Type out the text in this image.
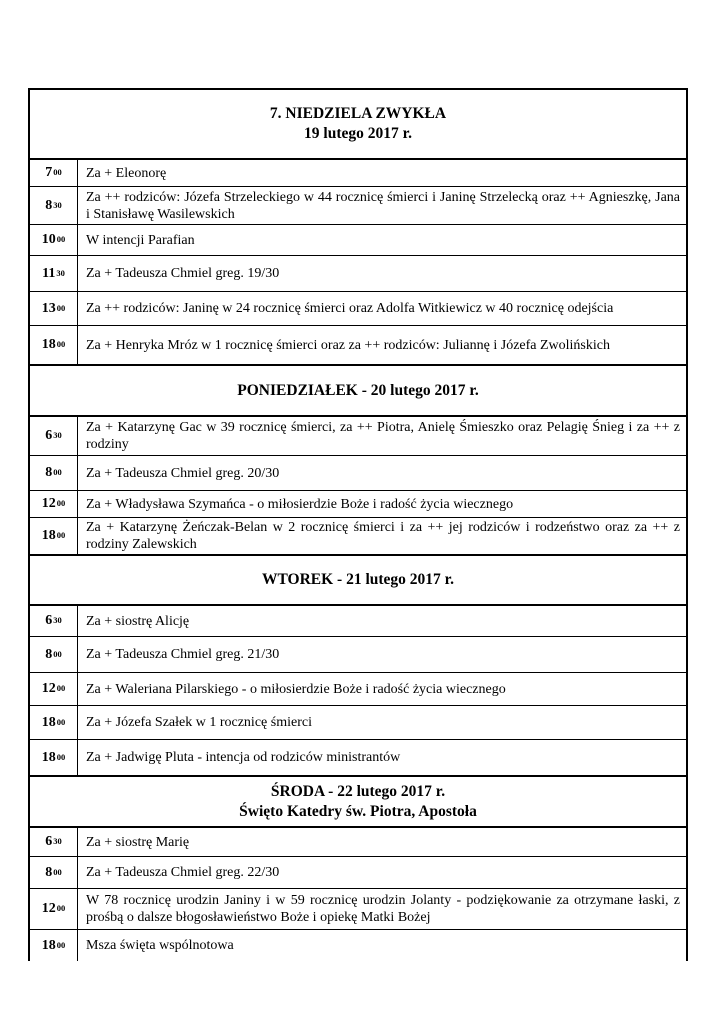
7. NIEDZIELA ZWYKŁA
19 lutego 2017 r.
$7^{00}$ Za + Eleonorę
$8^{30}$ Za ++ rodziców: Józefa Strzeleckiego w 44 rocznicę śmierci i Janinę Strzelecką oraz ++ Agnieszkę, Jana i Stanisławę Wasilewskich
$10^{00}$ W intencji Parafian
$11^{30}$ Za + Tadeusza Chmiel greg. 19/30
$13^{00}$ Za ++ rodziców: Janinę w 24 rocznicę śmierci oraz Adolfa Witkiewicz w 40 rocznicę odejścia
$18^{00}$ Za + Henryka Mróz w 1 rocznicę śmierci oraz za ++ rodziców: Juliannę i Józefa Zwolińskich
PONIEDZIAŁEK - 20 lutego 2017 r.
$6^{30}$ Za + Katarzynę Gac w 39 rocznicę śmierci, za ++ Piotra, Anielę Śmieszko oraz Pelagię Śnieg i za ++ z rodziny
$8^{00}$ Za + Tadeusza Chmiel greg. 20/30
$12^{00}$ Za + Władysława Szymańca - o miłosierdzie Boże i radość życia wiecznego
$18^{00}$ Za + Katarzynę Żeńczak-Belan w 2 rocznicę śmierci i za ++ jej rodziców i rodzeństwo oraz za ++ z rodziny Zalewskich
WTOREK - 21 lutego 2017 r.
$6^{30}$ Za + siostrę Alicję
$8^{00}$ Za + Tadeusza Chmiel greg. 21/30
$12^{00}$ Za + Waleriana Pilarskiego - o miłosierdzie Boże i radość życia wiecznego
$18^{00}$ Za + Józefa Szałek w 1 rocznicę śmierci
$18^{00}$ Za + Jadwigę Pluta - intencja od rodziców ministrantów
ŚRODA - 22 lutego 2017 r.
Święto Katedry św. Piotra, Apostoła
$6^{30}$ Za + siostrę Marię
$8^{00}$ Za + Tadeusza Chmiel greg. 22/30
$12^{00}$ W 78 rocznicę urodzin Janiny i w 59 rocznicę urodzin Jolanty - podziękowanie za otrzymane łaski, z prośbą o dalsze błogosławieństwo Boże i opiekę Matki Bożej
$18^{00}$ Msza święta wspólnotowa
